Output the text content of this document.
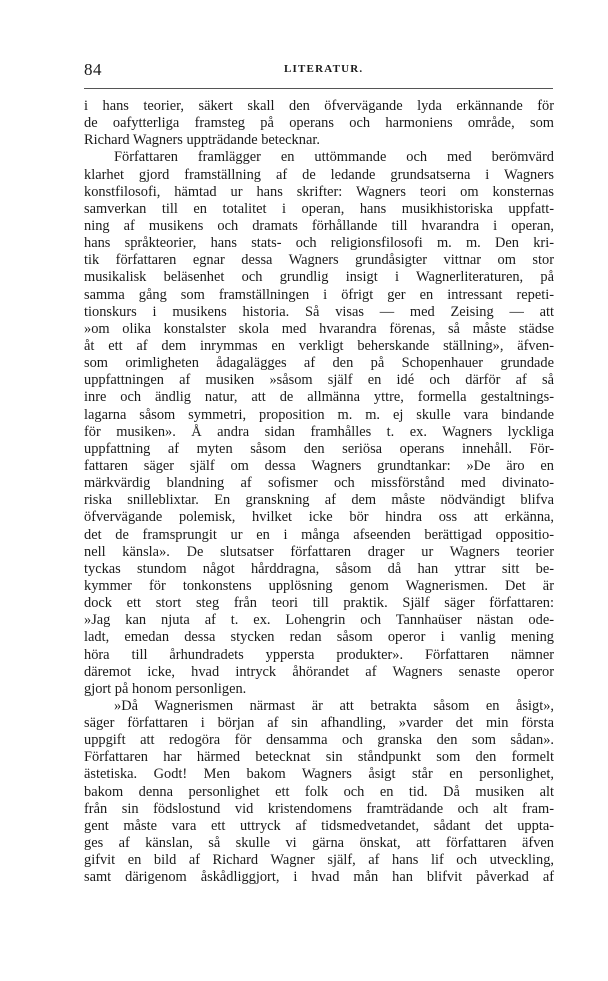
84	LITERATUR.
i hans teorier, säkert skall den öfvervägande lyda erkännande för
de oafytterliga framsteg på operans och harmoniens område, som
Richard Wagners uppträdande betecknar.
Författaren framlägger en uttömmande och med berömvärd
klarhet gjord framställning af de ledande grundsatserna i Wagners
konstfilosofi, hämtad ur hans skrifter: Wagners teori om konsternas
samverkan till en totalitet i operan, hans musikhistoriska uppfatt-
ning af musikens och dramats förhållande till hvarandra i operan,
hans språkteorier, hans stats- och religionsfilosofi m. m. Den kri-
tik författaren egnar dessa Wagners grundåsigter vittnar om stor
musikalisk beläsenhet och grundlig insigt i Wagnerliteraturen, på
samma gång som framställningen i öfrigt ger en intressant repeti-
tionskurs i musikens historia. Så visas — med Zeising — att
»om olika konstalster skola med hvarandra förenas, så måste städse
åt ett af dem inrymmas en verkligt beherskande ställning», äfven-
som orimligheten ådagalägges af den på Schopenhauer grundade
uppfattningen af musiken »såsom själf en idé och därför af så
inre och ändlig natur, att de allmänna yttre, formella gestaltnings-
lagarna såsom symmetri, proposition m. m. ej skulle vara bindande
för musiken». Å andra sidan framhålles t. ex. Wagners lyckliga
uppfattning af myten såsom den seriösa operans innehåll. För-
fattaren säger själf om dessa Wagners grundtankar: »De äro en
märkvärdig blandning af sofismer och missförstånd med divinato-
riska snilleblixtar. En granskning af dem måste nödvändigt blifva
öfvervägande polemisk, hvilket icke bör hindra oss att erkänna,
det de framsprungit ur en i många afseenden berättigad oppositio-
nell känsla». De slutsatser författaren drager ur Wagners teorier
tyckas stundom något hårddragna, såsom då han yttrar sitt be-
kymmer för tonkonstens upplösning genom Wagnerismen. Det är
dock ett stort steg från teori till praktik. Själf säger författaren:
»Jag kan njuta af t. ex. Lohengrin och Tannhaüser nästan ode-
ladt, emedan dessa stycken redan såsom operor i vanlig mening
höra till århundradets yppersta produkter». Författaren nämner
däremot icke, hvad intryck åhörandet af Wagners senaste operor
gjort på honom personligen.
»Då Wagnerismen närmast är att betrakta såsom en åsigt»,
säger författaren i början af sin afhandling, »varder det min första
uppgift att redogöra för densamma och granska den som sådan».
Författaren har härmed betecknat sin ståndpunkt som den formelt
ästetiska. Godt! Men bakom Wagners åsigt står en personlighet,
bakom denna personlighet ett folk och en tid. Då musiken alt
från sin födslostund vid kristendomens framträdande och alt fram-
gent måste vara ett uttryck af tidsmedvetandet, sådant det uppta-
ges af känslan, så skulle vi gärna önskat, att författaren äfven
gifvit en bild af Richard Wagner själf, af hans lif och utveckling,
samt därigenom åskådliggjort, i hvad mån han blifvit påverkad af
